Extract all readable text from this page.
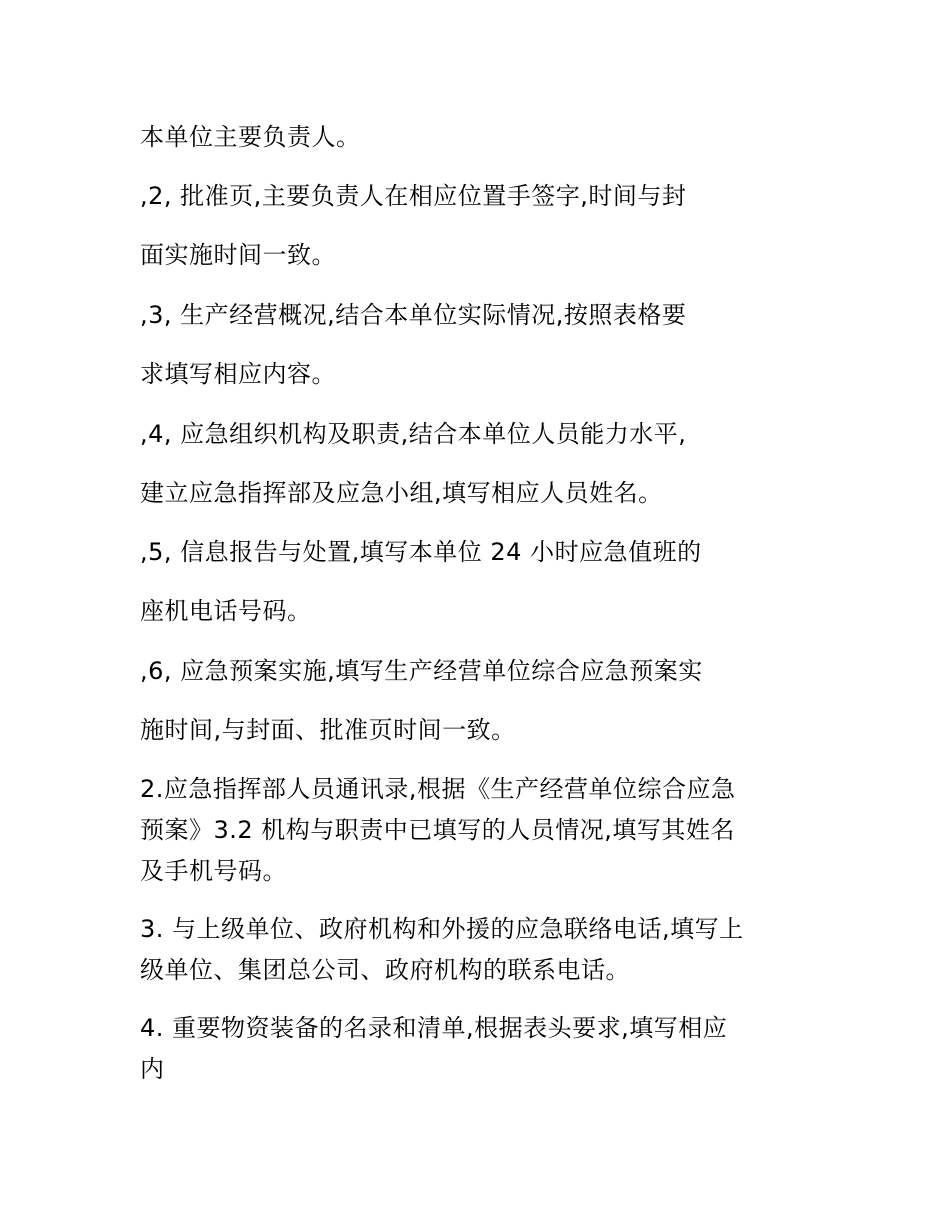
本单位主要负责人。
,2, 批准页,主要负责人在相应位置手签字,时间与封
面实施时间一致。
,3, 生产经营概况,结合本单位实际情况,按照表格要
求填写相应内容。
,4, 应急组织机构及职责,结合本单位人员能力水平,
建立应急指挥部及应急小组,填写相应人员姓名。
,5, 信息报告与处置,填写本单位 24 小时应急值班的
座机电话号码。
,6, 应急预案实施,填写生产经营单位综合应急预案实
施时间,与封面、批准页时间一致。
2.应急指挥部人员通讯录,根据《生产经营单位综合应急
预案》3.2 机构与职责中已填写的人员情况,填写其姓名
及手机号码。
3. 与上级单位、政府机构和外援的应急联络电话,填写上
级单位、集团总公司、政府机构的联系电话。
4. 重要物资装备的名录和清单,根据表头要求,填写相应
内
